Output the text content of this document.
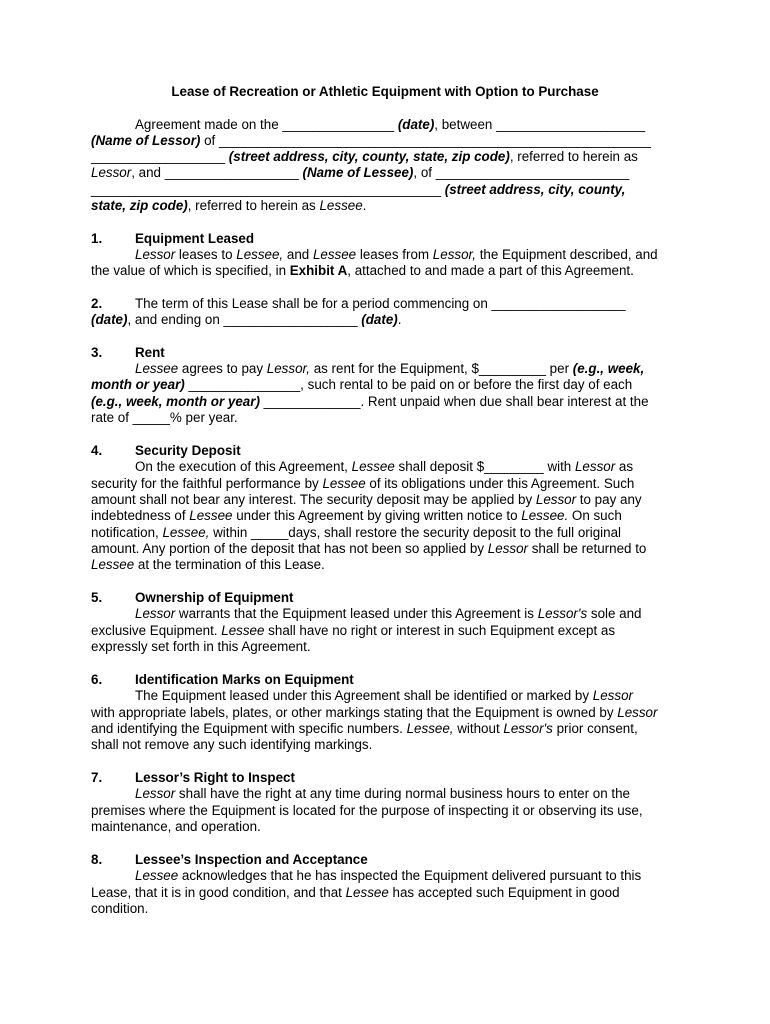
Lease of Recreation or Athletic Equipment with Option to Purchase
Agreement made on the _______________ (date), between ____________________
(Name of Lessor) of __________________________________________________________
__________________ (street address, city, county, state, zip code), referred to herein as
Lessor, and __________________ (Name of Lessee), of __________________________
_______________________________________________ (street address, city, county,
state, zip code), referred to herein as Lessee.
1. Equipment Leased
Lessor leases to Lessee, and Lessee leases from Lessor, the Equipment described, and
the value of which is specified, in Exhibit A, attached to and made a part of this Agreement.
2. The term of this Lease shall be for a period commencing on __________________
(date), and ending on __________________ (date).
3. Rent
Lessee agrees to pay Lessor, as rent for the Equipment, $_________ per (e.g., week,
month or year) _______________, such rental to be paid on or before the first day of each
(e.g., week, month or year) _____________. Rent unpaid when due shall bear interest at the
rate of _____% per year.
4. Security Deposit
On the execution of this Agreement, Lessee shall deposit $________ with Lessor as
security for the faithful performance by Lessee of its obligations under this Agreement. Such
amount shall not bear any interest. The security deposit may be applied by Lessor to pay any
indebtedness of Lessee under this Agreement by giving written notice to Lessee. On such
notification, Lessee, within _____days, shall restore the security deposit to the full original
amount. Any portion of the deposit that has not been so applied by Lessor shall be returned to
Lessee at the termination of this Lease.
5. Ownership of Equipment
Lessor warrants that the Equipment leased under this Agreement is Lessor's sole and
exclusive Equipment. Lessee shall have no right or interest in such Equipment except as
expressly set forth in this Agreement.
6. Identification Marks on Equipment
The Equipment leased under this Agreement shall be identified or marked by Lessor
with appropriate labels, plates, or other markings stating that the Equipment is owned by Lessor
and identifying the Equipment with specific numbers. Lessee, without Lessor's prior consent,
shall not remove any such identifying markings.
7. Lessor’s Right to Inspect
Lessor shall have the right at any time during normal business hours to enter on the
premises where the Equipment is located for the purpose of inspecting it or observing its use,
maintenance, and operation.
8. Lessee’s Inspection and Acceptance
Lessee acknowledges that he has inspected the Equipment delivered pursuant to this
Lease, that it is in good condition, and that Lessee has accepted such Equipment in good
condition.
